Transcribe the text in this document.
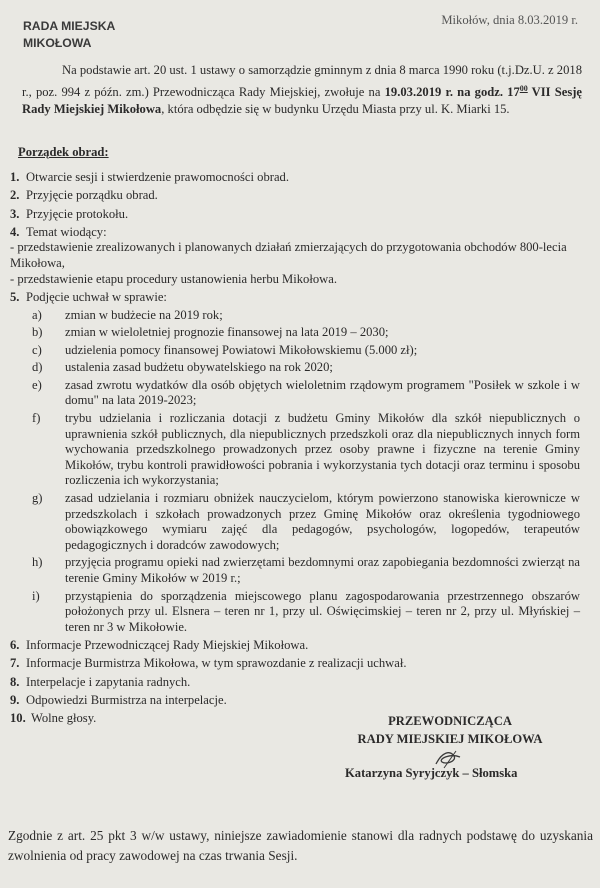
RADA MIEJSKA
MIKOŁOWA
Mikołów, dnia 8.03.2019 r.
Na podstawie art. 20 ust. 1 ustawy o samorządzie gminnym z dnia 8 marca 1990 roku (t.j.Dz.U. z 2018 r., poz. 994 z późn. zm.) Przewodnicząca Rady Miejskiej, zwołuje na 19.03.2019 r. na godz. $17^{00}$ VII Sesję Rady Miejskiej Mikołowa, która odbędzie się w budynku Urzędu Miasta przy ul. K. Miarki 15.
Porządek obrad:
1 . Otwarcie sesji i stwierdzenie prawomocności obrad.
2 . Przyjęcie porządku obrad.
3 . Przyjęcie protokołu.
4 . Temat wiodący:
- przedstawienie zrealizowanych i planowanych działań zmierzających do przygotowania obchodów 800-lecia Mikołowa,
- przedstawienie etapu procedury ustanowienia herbu Mikołowa.
5 . Podjęcie uchwał w sprawie:
a )	zmian w budżecie na 2019 rok;
b )	zmian w wieloletniej prognozie finansowej na lata 2019 – 2030;
c )	udzielenia pomocy finansowej Powiatowi Mikołowskiemu (5.000 zł);
d )	ustalenia zasad budżetu obywatelskiego na rok 2020;
e )	zasad zwrotu wydatków dla osób objętych wieloletnim rządowym programem "Posiłek w szkole i w domu" na lata 2019-2023;
f )	trybu udzielania i rozliczania dotacji z budżetu Gminy Mikołów dla szkół niepublicznych o uprawnienia szkół publicznych, dla niepublicznych przedszkoli oraz dla niepublicznych innych form wychowania przedszkolnego prowadzonych przez osoby prawne i fizyczne na terenie Gminy Mikołów, trybu kontroli prawidłowości pobrania i wykorzystania tych dotacji oraz terminu i sposobu rozliczenia ich wykorzystania;
g )	zasad udzielania i rozmiaru obniżek nauczycielom, którym powierzono stanowiska kierownicze w przedszkolach i szkołach prowadzonych przez Gminę Mikołów oraz określenia tygodniowego obowiązkowego wymiaru zajęć dla pedagogów, psychologów, logopedów, terapeutów pedagogicznych i doradców zawodowych;
h )	przyjęcia programu opieki nad zwierzętami bezdomnymi oraz zapobiegania bezdomności zwierząt na terenie Gminy Mikołów w 2019 r.;
i )	przystąpienia do sporządzenia miejscowego planu zagospodarowania przestrzennego obszarów położonych przy ul. Elsnera – teren nr 1, przy ul. Oświęcimskiej – teren nr 2, przy ul. Młyńskiej – teren nr 3 w Mikołowie.
6 . Informacje Przewodniczącej Rady Miejskiej Mikołowa.
7 . Informacje Burmistrza Mikołowa, w tym sprawozdanie z realizacji uchwał.
8 . Interpelacje i zapytania radnych.
9 . Odpowiedzi Burmistrza na interpelacje.
10 . Wolne głosy.	PRZEWODNICZĄCA
RADY MIEJSKIEJ MIKOŁOWA
Katarzyna Syryjczyk – Słomska
Zgodnie z art. 25 pkt 3 w/w ustawy, niniejsze zawiadomienie stanowi dla radnych podstawę do uzyskania zwolnienia od pracy zawodowej na czas trwania Sesji.
